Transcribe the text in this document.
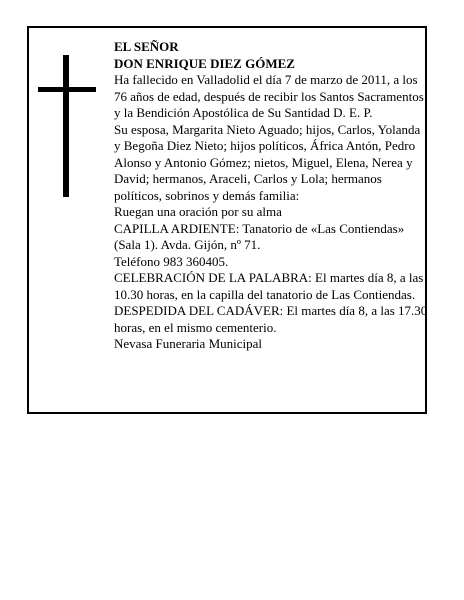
EL SEÑOR

DON ENRIQUE DIEZ GÓMEZ

Ha fallecido en Valladolid el día 7 de marzo de 2011, a los 76 años de edad, después de recibir los Santos Sacramentos y la Bendición Apostólica de Su Santidad D. E. P.

Su esposa, Margarita Nieto Aguado; hijos, Carlos, Yolanda y Begoña Diez Nieto; hijos políticos, África Antón, Pedro Alonso y Antonio Gómez; nietos, Miguel, Elena, Nerea y David; hermanos, Araceli, Carlos y Lola; hermanos políticos, sobrinos y demás familia:

Ruegan una oración por su alma

CAPILLA ARDIENTE: Tanatorio de «Las Contiendas» (Sala 1). Avda. Gijón, nº 71.

Teléfono 983 360405.

CELEBRACIÓN DE LA PALABRA: El martes día 8, a las 10.30 horas, en la capilla del tanatorio de Las Contiendas.

DESPEDIDA DEL CADÁVER: El martes día 8, a las 17.30 horas, en el mismo cementerio.

Nevasa Funeraria Municipal
